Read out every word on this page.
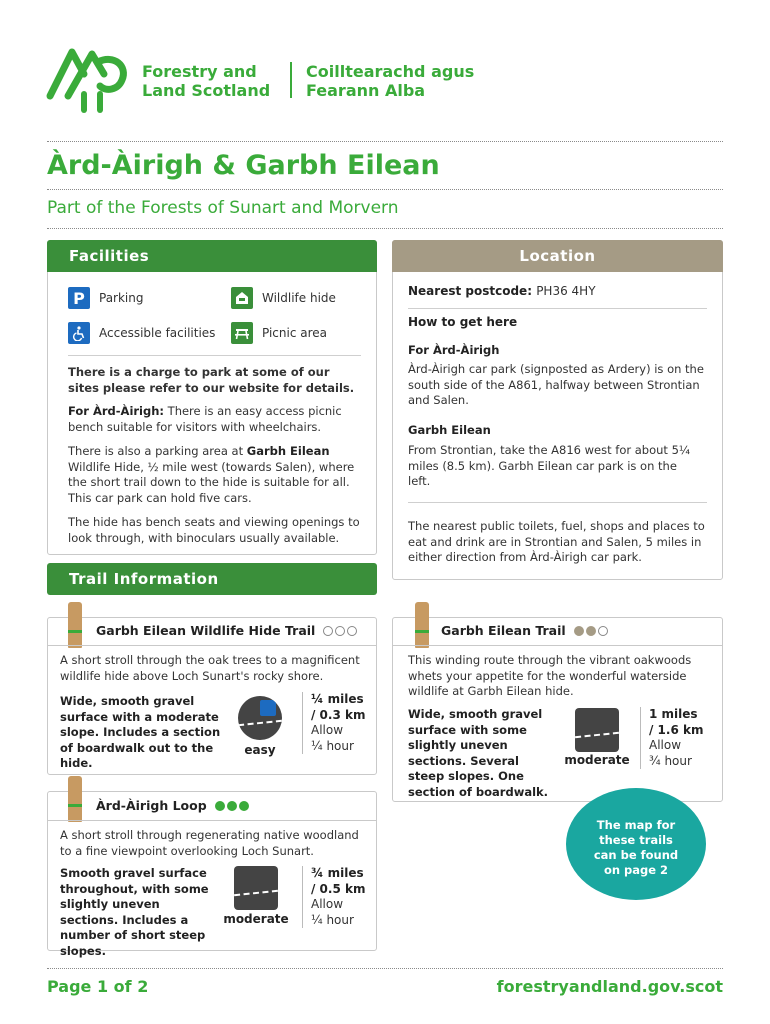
Forestry and
Land Scotland
Coilltearachd agus
Fearann Alba
Àrd-Àirigh & Garbh Eilean
Part of the Forests of Sunart and Morvern
Facilities
P	Parking	Wildlife hide
Accessible facilities	Picnic area
There is a charge to park at some of our sites please refer to our website for details.
For Àrd-Àirigh: There is an easy access picnic bench suitable for visitors with wheelchairs.
There is also a parking area at Garbh Eilean Wildlife Hide, ½ mile west (towards Salen), where the short trail down to the hide is suitable for all. This car park can hold five cars.
The hide has bench seats and viewing openings to look through, with binoculars usually available.
Location
Nearest postcode: PH36 4HY
How to get here
For Àrd-Àirigh
Àrd-Àirigh car park (signposted as Ardery) is on the south side of the A861, halfway between Strontian and Salen.
Garbh Eilean
From Strontian, take the A816 west for about 5¼ miles (8.5 km). Garbh Eilean car park is on the left.
The nearest public toilets, fuel, shops and places to eat and drink are in Strontian and Salen, 5 miles in either direction from Àrd-Àirigh car park.
Trail Information
Garbh Eilean Wildlife Hide Trail
A short stroll through the oak trees to a magnificent wildlife hide above Loch Sunart's rocky shore.
Wide, smooth gravel surface with a moderate slope. Includes a section of boardwalk out to the hide.
easy
¼ miles
/ 0.3 km
Allow
¼ hour
Garbh Eilean Trail
This winding route through the vibrant oakwoods whets your appetite for the wonderful waterside wildlife at Garbh Eilean hide.
Wide, smooth gravel surface with some slightly uneven sections. Several steep slopes. One section of boardwalk.
moderate
1 miles
/ 1.6 km
Allow
¾ hour
Àrd-Àirigh Loop
A short stroll through regenerating native woodland to a fine viewpoint overlooking Loch Sunart.
Smooth gravel surface throughout, with some slightly uneven sections. Includes a number of short steep slopes.
moderate
¾ miles
/ 0.5 km
Allow
¼ hour
The map for these trails can be found on page 2
Page 1 of 2	forestryandland.gov.scot
